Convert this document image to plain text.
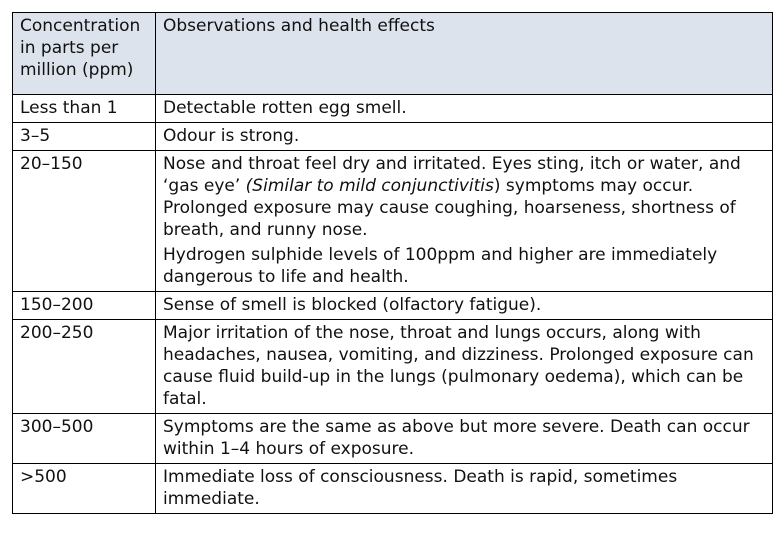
Concentration in parts per million (ppm)	Observations and health effects
Less than 1	Detectable rotten egg smell.

3–5	Odour is strong.

20–150	Nose and throat feel dry and irritated. Eyes sting, itch or water, and ‘gas eye’ (Similar to mild conjunctivitis) symptoms may occur. Prolonged exposure may cause coughing, hoarseness, shortness of breath, and runny nose.

Hydrogen sulphide levels of 100ppm and higher are immediately dangerous to life and health.

150–200	Sense of smell is blocked (olfactory fatigue).

200–250	Major irritation of the nose, throat and lungs occurs, along with headaches, nausea, vomiting, and dizziness. Prolonged exposure can cause fluid build-up in the lungs (pulmonary oedema), which can be fatal.

300–500	Symptoms are the same as above but more severe. Death can occur within 1–4 hours of exposure.

>500	Immediate loss of consciousness. Death is rapid, sometimes immediate.
